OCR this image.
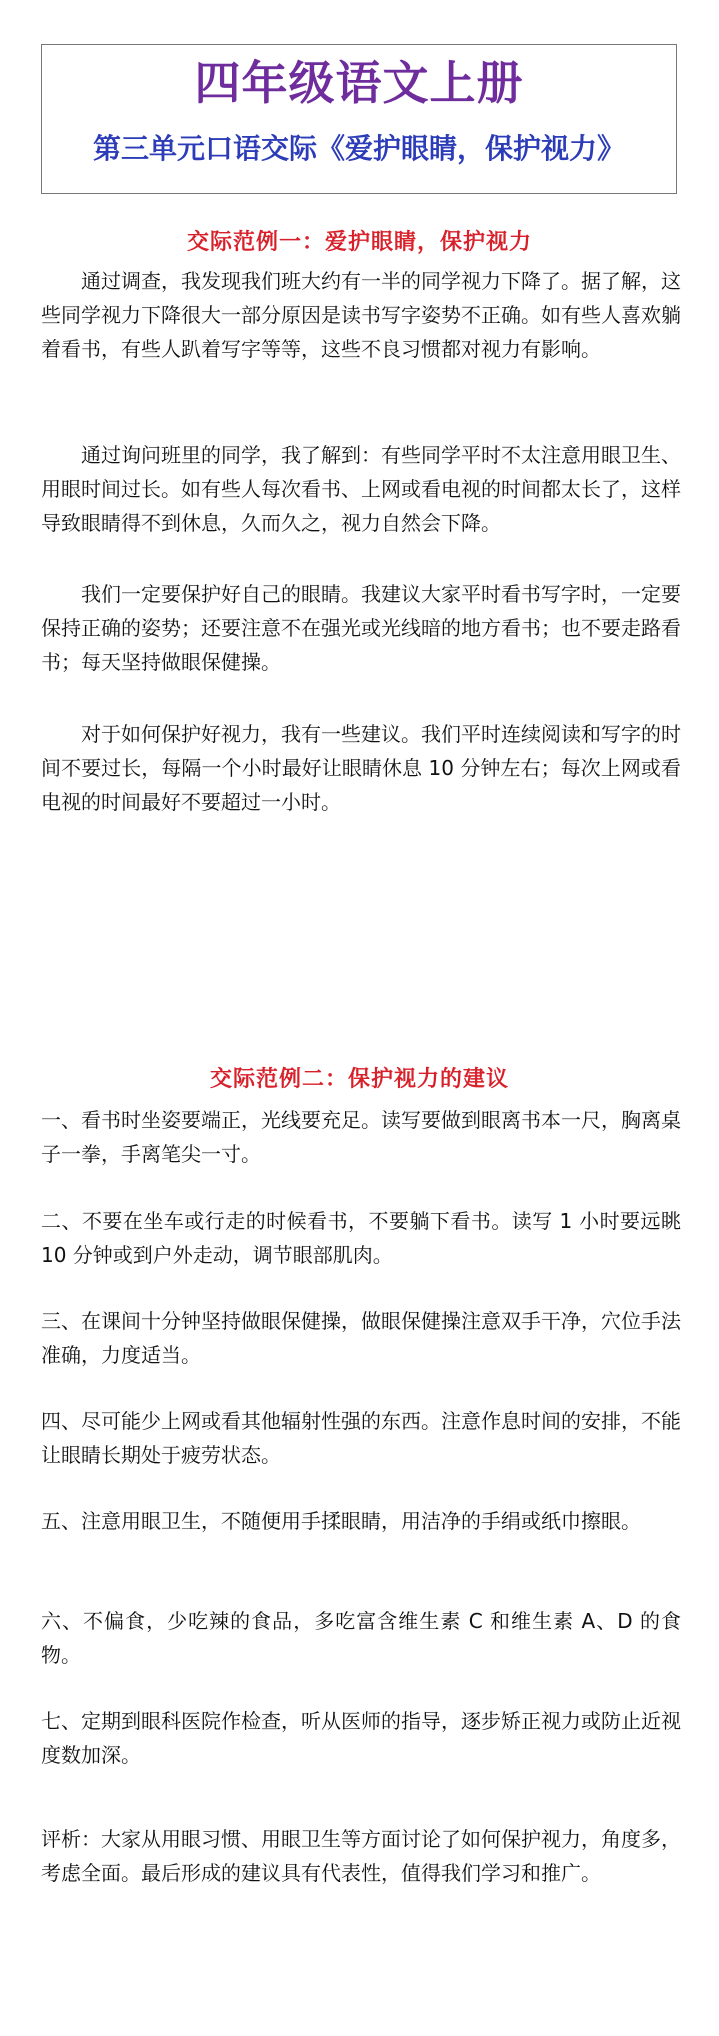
四年级语文上册
第三单元口语交际《爱护眼睛，保护视力》
交际范例一：爱护眼睛，保护视力

通过调查，我发现我们班大约有一半的同学视力下降了。据了解，这些同学视力下降很大一部分原因是读书写字姿势不正确。如有些人喜欢躺着看书，有些人趴着写字等等，这些不良习惯都对视力有影响。

通过询问班里的同学，我了解到：有些同学平时不太注意用眼卫生、用眼时间过长。如有些人每次看书、上网或看电视的时间都太长了，这样导致眼睛得不到休息，久而久之，视力自然会下降。

我们一定要保护好自己的眼睛。我建议大家平时看书写字时，一定要保持正确的姿势；还要注意不在强光或光线暗的地方看书；也不要走路看书；每天坚持做眼保健操。

对于如何保护好视力，我有一些建议。我们平时连续阅读和写字的时间不要过长，每隔一个小时最好让眼睛休息 10 分钟左右；每次上网或看电视的时间最好不要超过一小时。

交际范例二：保护视力的建议

一、看书时坐姿要端正，光线要充足。读写要做到眼离书本一尺，胸离桌子一拳，手离笔尖一寸。

二、不要在坐车或行走的时候看书，不要躺下看书。读写 1 小时要远眺 10 分钟或到户外走动，调节眼部肌肉。

三、在课间十分钟坚持做眼保健操，做眼保健操注意双手干净，穴位手法准确，力度适当。

四、尽可能少上网或看其他辐射性强的东西。注意作息时间的安排，不能让眼睛长期处于疲劳状态。

五、注意用眼卫生，不随便用手揉眼睛，用洁净的手绢或纸巾擦眼。

六、不偏食，少吃辣的食品，多吃富含维生素 C 和维生素 A、D 的食物。

七、定期到眼科医院作检查，听从医师的指导，逐步矫正视力或防止近视度数加深。

评析：大家从用眼习惯、用眼卫生等方面讨论了如何保护视力，角度多，考虑全面。最后形成的建议具有代表性，值得我们学习和推广。
